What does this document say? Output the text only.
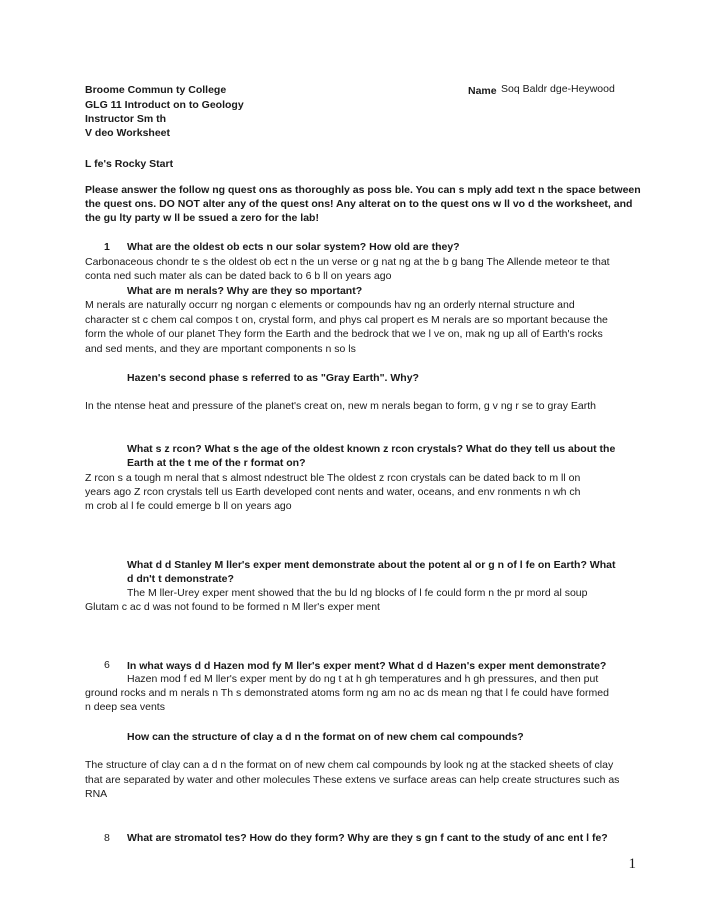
Broome Commun ty College
GLG 11 Introduct on to Geology
Instructor Sm th
V deo Worksheet
Name Soq Baldr dge-Heywood
L fe's Rocky Start
Please answer the follow ng quest ons as thoroughly as poss ble. You can s mply add text n the space between
the quest ons. DO NOT alter any of the quest ons! Any alterat on to the quest ons w ll vo d the worksheet, and
the gu lty party w ll be ssued a zero for the lab!
1 What are the oldest ob ects n our solar system? How old are they?
Carbonaceous chondr te s the oldest ob ect n the un verse or g nat ng at the b g bang The Allende meteor te that
conta ned such mater als can be dated back to 6 b ll on years ago
What are m nerals? Why are they so mportant?
M nerals are naturally occurr ng norgan c elements or compounds hav ng an orderly nternal structure and
character st c chem cal compos t on, crystal form, and phys cal propert es M nerals are so mportant because the
form the whole of our planet They form the Earth and the bedrock that we l ve on, mak ng up all of Earth's rocks
and sed ments, and they are mportant components n so ls
Hazen's second phase s referred to as "Gray Earth". Why?
In the ntense heat and pressure of the planet's creat on, new m nerals began to form, g v ng r se to gray Earth
What s z rcon? What s the age of the oldest known z rcon crystals? What do they tell us about the
Earth at the t me of the r format on?
Z rcon s a tough m neral that s almost ndestruct ble The oldest z rcon crystals can be dated back to m ll on
years ago Z rcon crystals tell us Earth developed cont nents and water, oceans, and env ronments n wh ch
m crob al l fe could emerge b ll on years ago
What d d Stanley M ller's exper ment demonstrate about the potent al or g n of l fe on Earth? What
d dn't t demonstrate?
The M ller-Urey exper ment showed that the bu ld ng blocks of l fe could form n the pr mord al soup
Glutam c ac d was not found to be formed n M ller's exper ment
6 In what ways d d Hazen mod fy M ller's exper ment? What d d Hazen's exper ment demonstrate?
Hazen mod f ed M ller's exper ment by do ng t at h gh temperatures and h gh pressures, and then put
ground rocks and m nerals n Th s demonstrated atoms form ng am no ac ds mean ng that l fe could have formed
n deep sea vents
How can the structure of clay a d n the format on of new chem cal compounds?
The structure of clay can a d n the format on of new chem cal compounds by look ng at the stacked sheets of clay
that are separated by water and other molecules These extens ve surface areas can help create structures such as
RNA
8 What are stromatol tes? How do they form? Why are they s gn f cant to the study of anc ent l fe?
1
